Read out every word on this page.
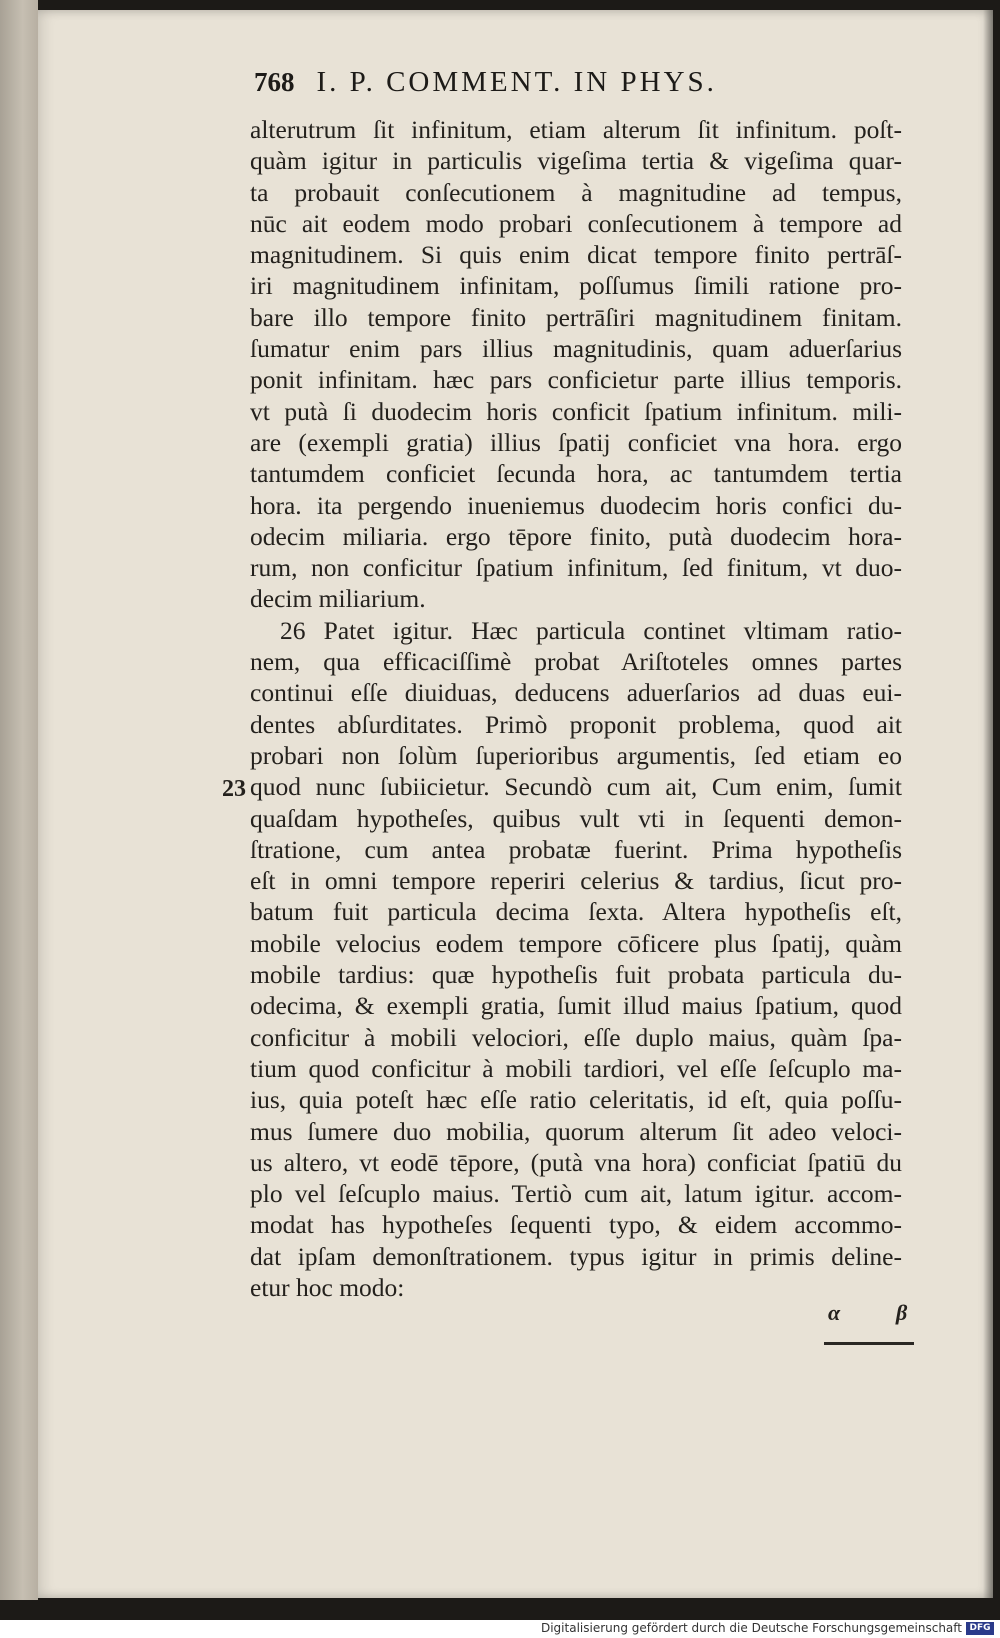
768 I. P. COMMENT. IN PHYS.
alterutrum ſit infinitum, etiam alterum ſit infinitum. poſt-
quàm igitur in particulis vigeſima tertia & vigeſima quar-
ta probauit conſecutionem à magnitudine ad tempus,
nūc ait eodem modo probari conſecutionem à tempore ad
magnitudinem. Si quis enim dicat tempore finito pertrāſ-
iri magnitudinem infinitam, poſſumus ſimili ratione pro-
bare illo tempore finito pertrāſiri magnitudinem finitam.
ſumatur enim pars illius magnitudinis, quam aduerſarius
ponit infinitam. hæc pars conficietur parte illius temporis.
vt putà ſi duodecim horis conficit ſpatium infinitum. mili-
are (exempli gratia) illius ſpatij conficiet vna hora. ergo
tantumdem conficiet ſecunda hora, ac tantumdem tertia
hora. ita pergendo inueniemus duodecim horis confici du-
odecim miliaria. ergo tēpore finito, putà duodecim hora-
rum, non conficitur ſpatium infinitum, ſed finitum, vt duo-
decim miliarium.
26 Patet igitur. Hæc particula continet vltimam ratio-
nem, qua efficaciſſimè probat Ariſtoteles omnes partes
continui eſſe diuiduas, deducens aduerſarios ad duas eui-
dentes abſurditates. Primò proponit problema, quod ait
probari non ſolùm ſuperioribus argumentis, ſed etiam eo
quod nunc ſubiicietur. Secundò cum ait, Cum enim, ſumit
quaſdam hypotheſes, quibus vult vti in ſequenti demon-
ſtratione, cum antea probatæ fuerint. Prima hypotheſis
eſt in omni tempore reperiri celerius & tardius, ſicut pro-
batum fuit particula decima ſexta. Altera hypotheſis eſt,
mobile velocius eodem tempore cōficere plus ſpatij, quàm
mobile tardius: quæ hypotheſis fuit probata particula du-
odecima, & exempli gratia, ſumit illud maius ſpatium, quod
conficitur à mobili velociori, eſſe duplo maius, quàm ſpa-
tium quod conficitur à mobili tardiori, vel eſſe ſeſcuplo ma-
ius, quia poteſt hæc eſſe ratio celeritatis, id eſt, quia poſſu-
mus ſumere duo mobilia, quorum alterum ſit adeo veloci-
us altero, vt eodē tēpore, (putà vna hora) conficiat ſpatiū du
plo vel ſeſcuplo maius. Tertiò cum ait, latum igitur. accom-
modat has hypotheſes ſequenti typo, & eidem accommo-
dat ipſam demonſtrationem. typus igitur in primis deline-
etur hoc modo:
23
α	β
Digitalisierung gefördert durch die Deutsche Forschungsgemeinschaft DFG
